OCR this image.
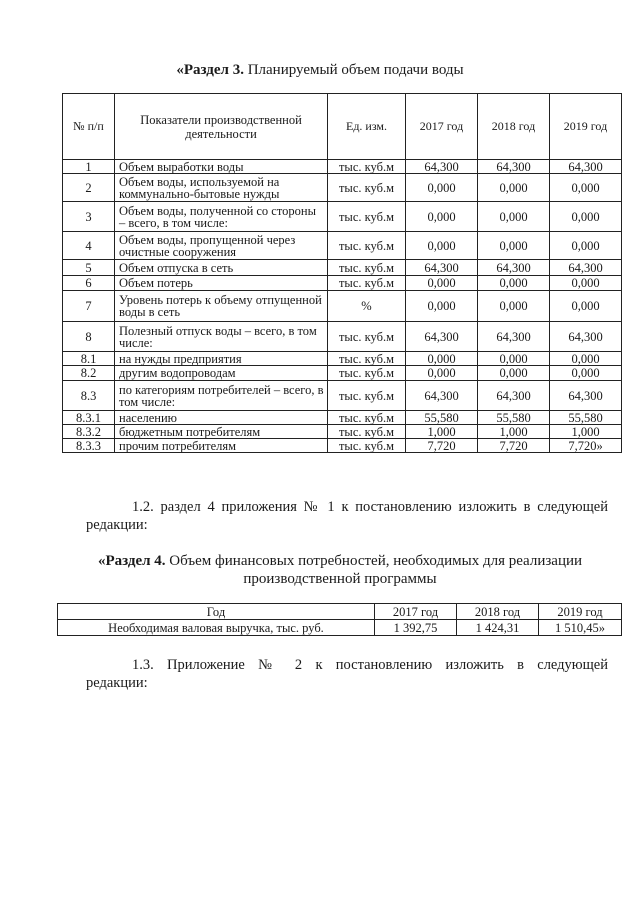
«Раздел 3. Планируемый объем подачи воды
№ п/п	Показатели производственной деятельности	Ед. изм.	2017 год	2018 год	2019 год
1	Объем выработки воды	тыс. куб.м	64,300	64,300	64,300
2	Объем воды, используемой на коммунально-бытовые нужды	тыс. куб.м	0,000	0,000	0,000
3	Объем воды, полученной со стороны – всего, в том числе:	тыс. куб.м	0,000	0,000	0,000
4	Объем воды, пропущенной через очистные сооружения	тыс. куб.м	0,000	0,000	0,000
5	Объем отпуска в сеть	тыс. куб.м	64,300	64,300	64,300
6	Объем потерь	тыс. куб.м	0,000	0,000	0,000
7	Уровень потерь к объему отпущенной воды в сеть	%	0,000	0,000	0,000
8	Полезный отпуск воды – всего, в том числе:	тыс. куб.м	64,300	64,300	64,300
8.1	на нужды предприятия	тыс. куб.м	0,000	0,000	0,000
8.2	другим водопроводам	тыс. куб.м	0,000	0,000	0,000
8.3	по категориям потребителей – всего, в том числе:	тыс. куб.м	64,300	64,300	64,300
8.3.1	населению	тыс. куб.м	55,580	55,580	55,580
8.3.2	бюджетным потребителям	тыс. куб.м	1,000	1,000	1,000
8.3.3	прочим потребителям	тыс. куб.м	7,720	7,720	7,720»
1.2. раздел 4 приложения № 1 к постановлению изложить в следующей
редакции:
«Раздел 4. Объем финансовых потребностей, необходимых для реализации
производственной программы
Год	2017 год	2018 год	2019 год
Необходимая валовая выручка, тыс. руб.	1 392,75	1 424,31	1 510,45»
1.3. Приложение № 2 к постановлению изложить в следующей
редакции:
